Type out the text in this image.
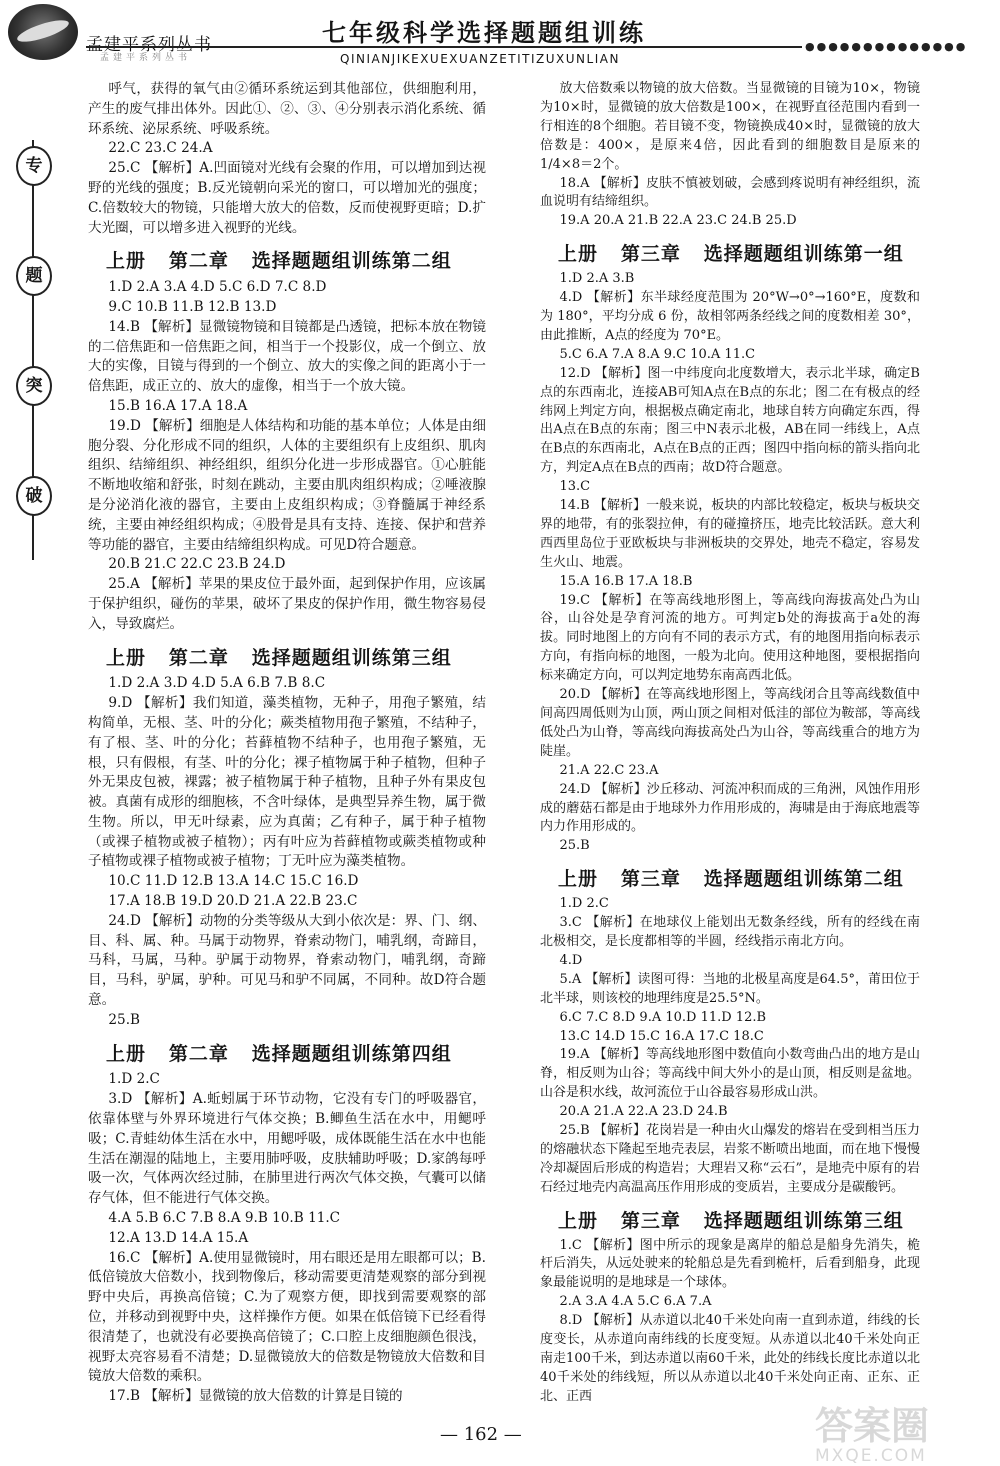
孟建平系列丛书
孟建平系列丛书
●●●●●●●●●●●●●●
七年级科学选择题题组训练
QINIANJIKEXUEXUANZETITIZUXUNLIAN
专
题
突
破

呼气，获得的氧气由②循环系统运到其他部位，供细胞利用，产生的废气排出体外。因此①、②、③、④分别表示消化系统、循环系统、泌尿系统、呼吸系统。

22.C 23.C 24.A

25.C 【解析】A.凹面镜对光线有会聚的作用，可以增加到达视野的光线的强度；B.反光镜朝向采光的窗口，可以增加光的强度；C.倍数较大的物镜，只能增大放大的倍数，反而使视野更暗；D.扩大光圈，可以增多进入视野的光线。

上册   第二章   选择题题组训练第二组

1.D 2.A 3.A 4.D 5.C 6.D 7.C 8.D

9.C 10.B 11.B 12.B 13.D

14.B 【解析】显微镜物镜和目镜都是凸透镜，把标本放在物镜的二倍焦距和一倍焦距之间，相当于一个投影仪，成一个倒立、放大的实像，目镜与得到的一个倒立、放大的实像之间的距离小于一倍焦距，成正立的、放大的虚像，相当于一个放大镜。

15.B 16.A 17.A 18.A

19.D 【解析】细胞是人体结构和功能的基本单位；人体是由细胞分裂、分化形成不同的组织，人体的主要组织有上皮组织、肌肉组织、结缔组织、神经组织，组织分化进一步形成器官。①心脏能不断地收缩和舒张，时刻在跳动，主要由肌肉组织构成；②唾液腺是分泌消化液的器官，主要由上皮组织构成；③脊髓属于神经系统，主要由神经组织构成；④股骨是具有支持、连接、保护和营养等功能的器官，主要由结缔组织构成。可见D符合题意。

20.B 21.C 22.C 23.B 24.D

25.A 【解析】苹果的果皮位于最外面，起到保护作用，应该属于保护组织，碰伤的苹果，破坏了果皮的保护作用，微生物容易侵入，导致腐烂。

上册   第二章   选择题题组训练第三组

1.D 2.A 3.D 4.D 5.A 6.B 7.B 8.C

9.D 【解析】我们知道，藻类植物，无种子，用孢子繁殖，结构简单，无根、茎、叶的分化；蕨类植物用孢子繁殖，不结种子，有了根、茎、叶的分化；苔藓植物不结种子，也用孢子繁殖，无根，只有假根，有茎、叶的分化；裸子植物属于种子植物，但种子外无果皮包被，裸露；被子植物属于种子植物，且种子外有果皮包被。真菌有成形的细胞核，不含叶绿体，是典型异养生物，属于微生物。所以，甲无叶绿素，应为真菌；乙有种子，属于种子植物（或裸子植物或被子植物）；丙有叶应为苔藓植物或蕨类植物或种子植物或裸子植物或被子植物；丁无叶应为藻类植物。

10.C 11.D 12.B 13.A 14.C 15.C 16.D

17.A 18.B 19.D 20.D 21.A 22.B 23.C

24.D 【解析】动物的分类等级从大到小依次是：界、门、纲、目、科、属、种。马属于动物界，脊索动物门，哺乳纲，奇蹄目，马科，马属，马种。驴属于动物界，脊索动物门，哺乳纲，奇蹄目，马科，驴属，驴种。可见马和驴不同属，不同种。故D符合题意。

25.B

上册   第二章   选择题题组训练第四组

1.D 2.C

3.D 【解析】A.蚯蚓属于环节动物，它没有专门的呼吸器官，依靠体壁与外界环境进行气体交换；B.鲫鱼生活在水中，用鳃呼吸；C.青蛙幼体生活在水中，用鳃呼吸，成体既能生活在水中也能生活在潮湿的陆地上，主要用肺呼吸，皮肤辅助呼吸；D.家鸽每呼吸一次，气体两次经过肺，在肺里进行两次气体交换，气囊可以储存气体，但不能进行气体交换。

4.A 5.B 6.C 7.B 8.A 9.B 10.B 11.C

12.A 13.D 14.A 15.A

16.C 【解析】A.使用显微镜时，用右眼还是用左眼都可以；B.低倍镜放大倍数小，找到物像后，移动需要更清楚观察的部分到视野中央后，再换高倍镜；C.为了观察方便，即找到需要观察的部位，并移动到视野中央，这样操作方便。如果在低倍镜下已经看得很清楚了，也就没有必要换高倍镜了；C.口腔上皮细胞颜色很浅，视野太亮容易看不清楚；D.显微镜放大的倍数是物镜放大倍数和目镜放大倍数的乘积。

17.B 【解析】显微镜的放大倍数的计算是目镜的

放大倍数乘以物镜的放大倍数。当显微镜的目镜为10×，物镜为10×时，显微镜的放大倍数是100×，在视野直径范围内看到一行相连的8个细胞。若目镜不变，物镜换成40×时，显微镜的放大倍数是：400×，是原来4倍，因此看到的细胞数目是原来的1/4×8＝2个。

18.A 【解析】皮肤不慎被划破，会感到疼说明有神经组织，流血说明有结缔组织。

19.A 20.A 21.B 22.A 23.C 24.B 25.D

上册   第三章   选择题题组训练第一组

1.D 2.A 3.B

4.D 【解析】东半球经度范围为 20°W→0°→160°E，度数和为 180°，平均分成 6 份，故相邻两条经线之间的度数相差 30°，由此推断，A点的经度为 70°E。

5.C 6.A 7.A 8.A 9.C 10.A 11.C

12.D 【解析】图一中纬度向北度数增大，表示北半球，确定B点的东西南北，连接AB可知A点在B点的东北；图二在有极点的经纬网上判定方向，根据极点确定南北，地球自转方向确定东西，得出A点在B点的东南；图三中N表示北极，AB在同一纬线上，A点在B点的东西南北，A点在B点的正西；图四中指向标的箭头指向北方，判定A点在B点的西南；故D符合题意。

13.C

14.B 【解析】一般来说，板块的内部比较稳定，板块与板块交界的地带，有的张裂拉伸，有的碰撞挤压，地壳比较活跃。意大利西西里岛位于亚欧板块与非洲板块的交界处，地壳不稳定，容易发生火山、地震。

15.A 16.B 17.A 18.B

19.C 【解析】在等高线地形图上，等高线向海拔高处凸为山谷，山谷处是孕育河流的地方。可判定b处的海拔高于a处的海拔。同时地图上的方向有不同的表示方式，有的地图用指向标表示方向，有指向标的地图，一般为北向。使用这种地图，要根据指向标来确定方向，可以判定地势东南高西北低。

20.D 【解析】在等高线地形图上，等高线闭合且等高线数值中间高四周低则为山顶，两山顶之间相对低洼的部位为鞍部，等高线低处凸为山脊，等高线向海拔高处凸为山谷，等高线重合的地方为陡崖。

21.A 22.C 23.A

24.D 【解析】沙丘移动、河流冲积而成的三角洲，风蚀作用形成的蘑菇石都是由于地球外力作用形成的，海啸是由于海底地震等内力作用形成的。

25.B

上册   第三章   选择题题组训练第二组

1.D 2.C

3.C 【解析】在地球仪上能划出无数条经线，所有的经线在南北极相交，是长度都相等的半圆，经线指示南北方向。

4.D

5.A 【解析】读图可得：当地的北极星高度是64.5°，莆田位于北半球，则该校的地理纬度是25.5°N。

6.C 7.C 8.D 9.A 10.D 11.D 12.B

13.C 14.D 15.C 16.A 17.C 18.C

19.A 【解析】等高线地形图中数值向小数弯曲凸出的地方是山脊，相反则为山谷；等高线中间大外小的是山顶，相反则是盆地。山谷是积水线，故河流位于山谷最容易形成山洪。

20.A 21.A 22.A 23.D 24.B

25.B 【解析】花岗岩是一种由火山爆发的熔岩在受到相当压力的熔融状态下隆起至地壳表层，岩浆不断喷出地面，而在地下慢慢冷却凝固后形成的构造岩；大理岩又称“云石”，是地壳中原有的岩石经过地壳内高温高压作用形成的变质岩，主要成分是碳酸钙。

上册   第三章   选择题题组训练第三组

1.C 【解析】图中所示的现象是离岸的船总是船身先消失，桅杆后消失，从远处驶来的轮船总是先看到桅杆，后看到船身，此现象最能说明的是地球是一个球体。

2.A 3.A 4.A 5.C 6.A 7.A

8.D 【解析】从赤道以北40千米处向南一直到赤道，纬线的长度变长，从赤道向南纬线的长度变短。从赤道以北40千米处向正南走100千米，到达赤道以南60千米，此处的纬线长度比赤道以北40千米处的纬线短，所以从赤道以北40千米处向正南、正东、正北、正西

— 162 —	答案圈
MXQE.COM
